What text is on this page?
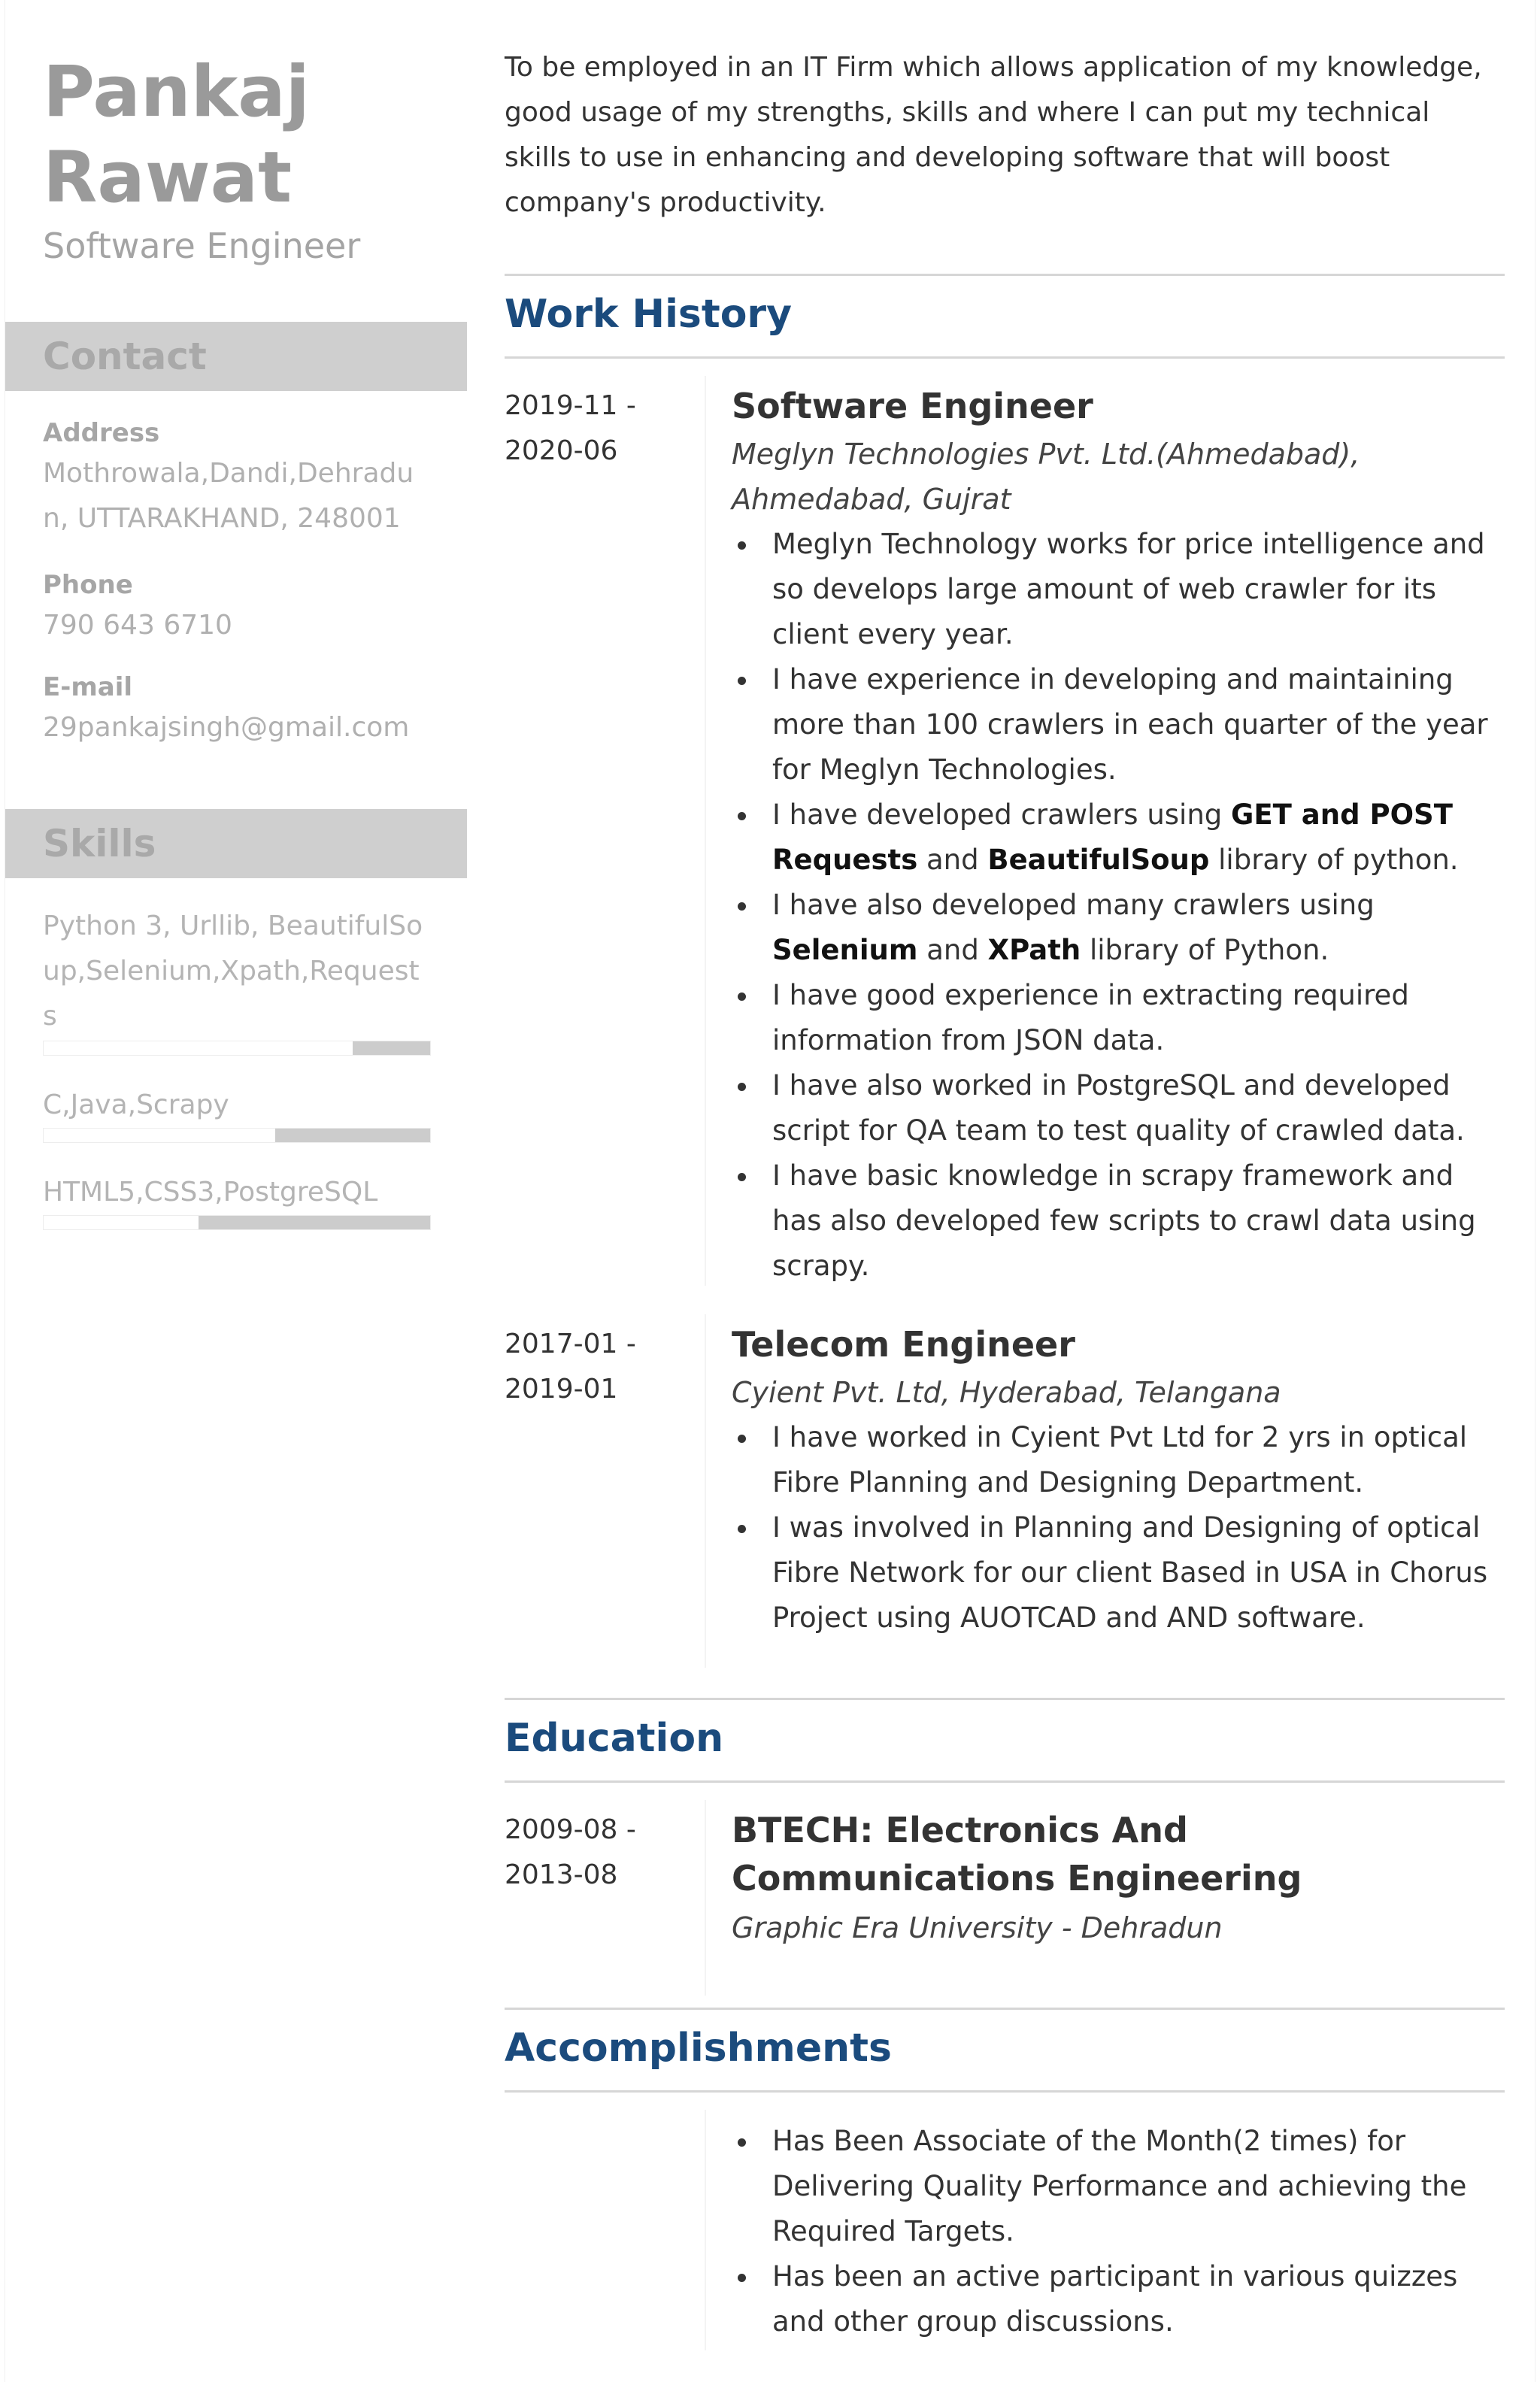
Pankaj
Rawat
Software Engineer
Contact
Address
Mothrowala,Dandi,Dehradun, UTTARAKHAND, 248001
Phone
790 643 6710
E-mail
29pankajsingh@gmail.com
Skills
Python 3, Urllib, BeautifulSoup,Selenium,Xpath,Requests
C,Java,Scrapy
HTML5,CSS3,PostgreSQL
To be employed in an IT Firm which allows application of my knowledge, good usage of my strengths, skills and where I can put my technical skills to use in enhancing and developing software that will boost company's productivity.
Work History
2019-11 -
2020-06
Software Engineer
Meglyn Technologies Pvt. Ltd.(Ahmedabad), Ahmedabad, Gujrat
Meglyn Technology works for price intelligence and so develops large amount of web crawler for its client every year.
I have experience in developing and maintaining more than 100 crawlers in each quarter of the year for Meglyn Technologies.
I have developed crawlers using GET and POST Requests and BeautifulSoup library of python.
I have also developed many crawlers using Selenium and XPath library of Python.
I have good experience in extracting required information from JSON data.
I have also worked in PostgreSQL and developed script for QA team to test quality of crawled data.
I have basic knowledge in scrapy framework and has also developed few scripts to crawl data using scrapy.
2017-01 -
2019-01
Telecom Engineer
Cyient Pvt. Ltd, Hyderabad, Telangana
I have worked in Cyient Pvt Ltd for 2 yrs in optical Fibre Planning and Designing Department.
I was involved in Planning and Designing of optical Fibre Network for our client Based in USA in Chorus Project using AUOTCAD and AND software.
Education
2009-08 -
2013-08
BTECH: Electronics And Communications Engineering
Graphic Era University - Dehradun
Accomplishments
Has Been Associate of the Month(2 times) for Delivering Quality Performance and achieving the Required Targets.
Has been an active participant in various quizzes and other group discussions.
